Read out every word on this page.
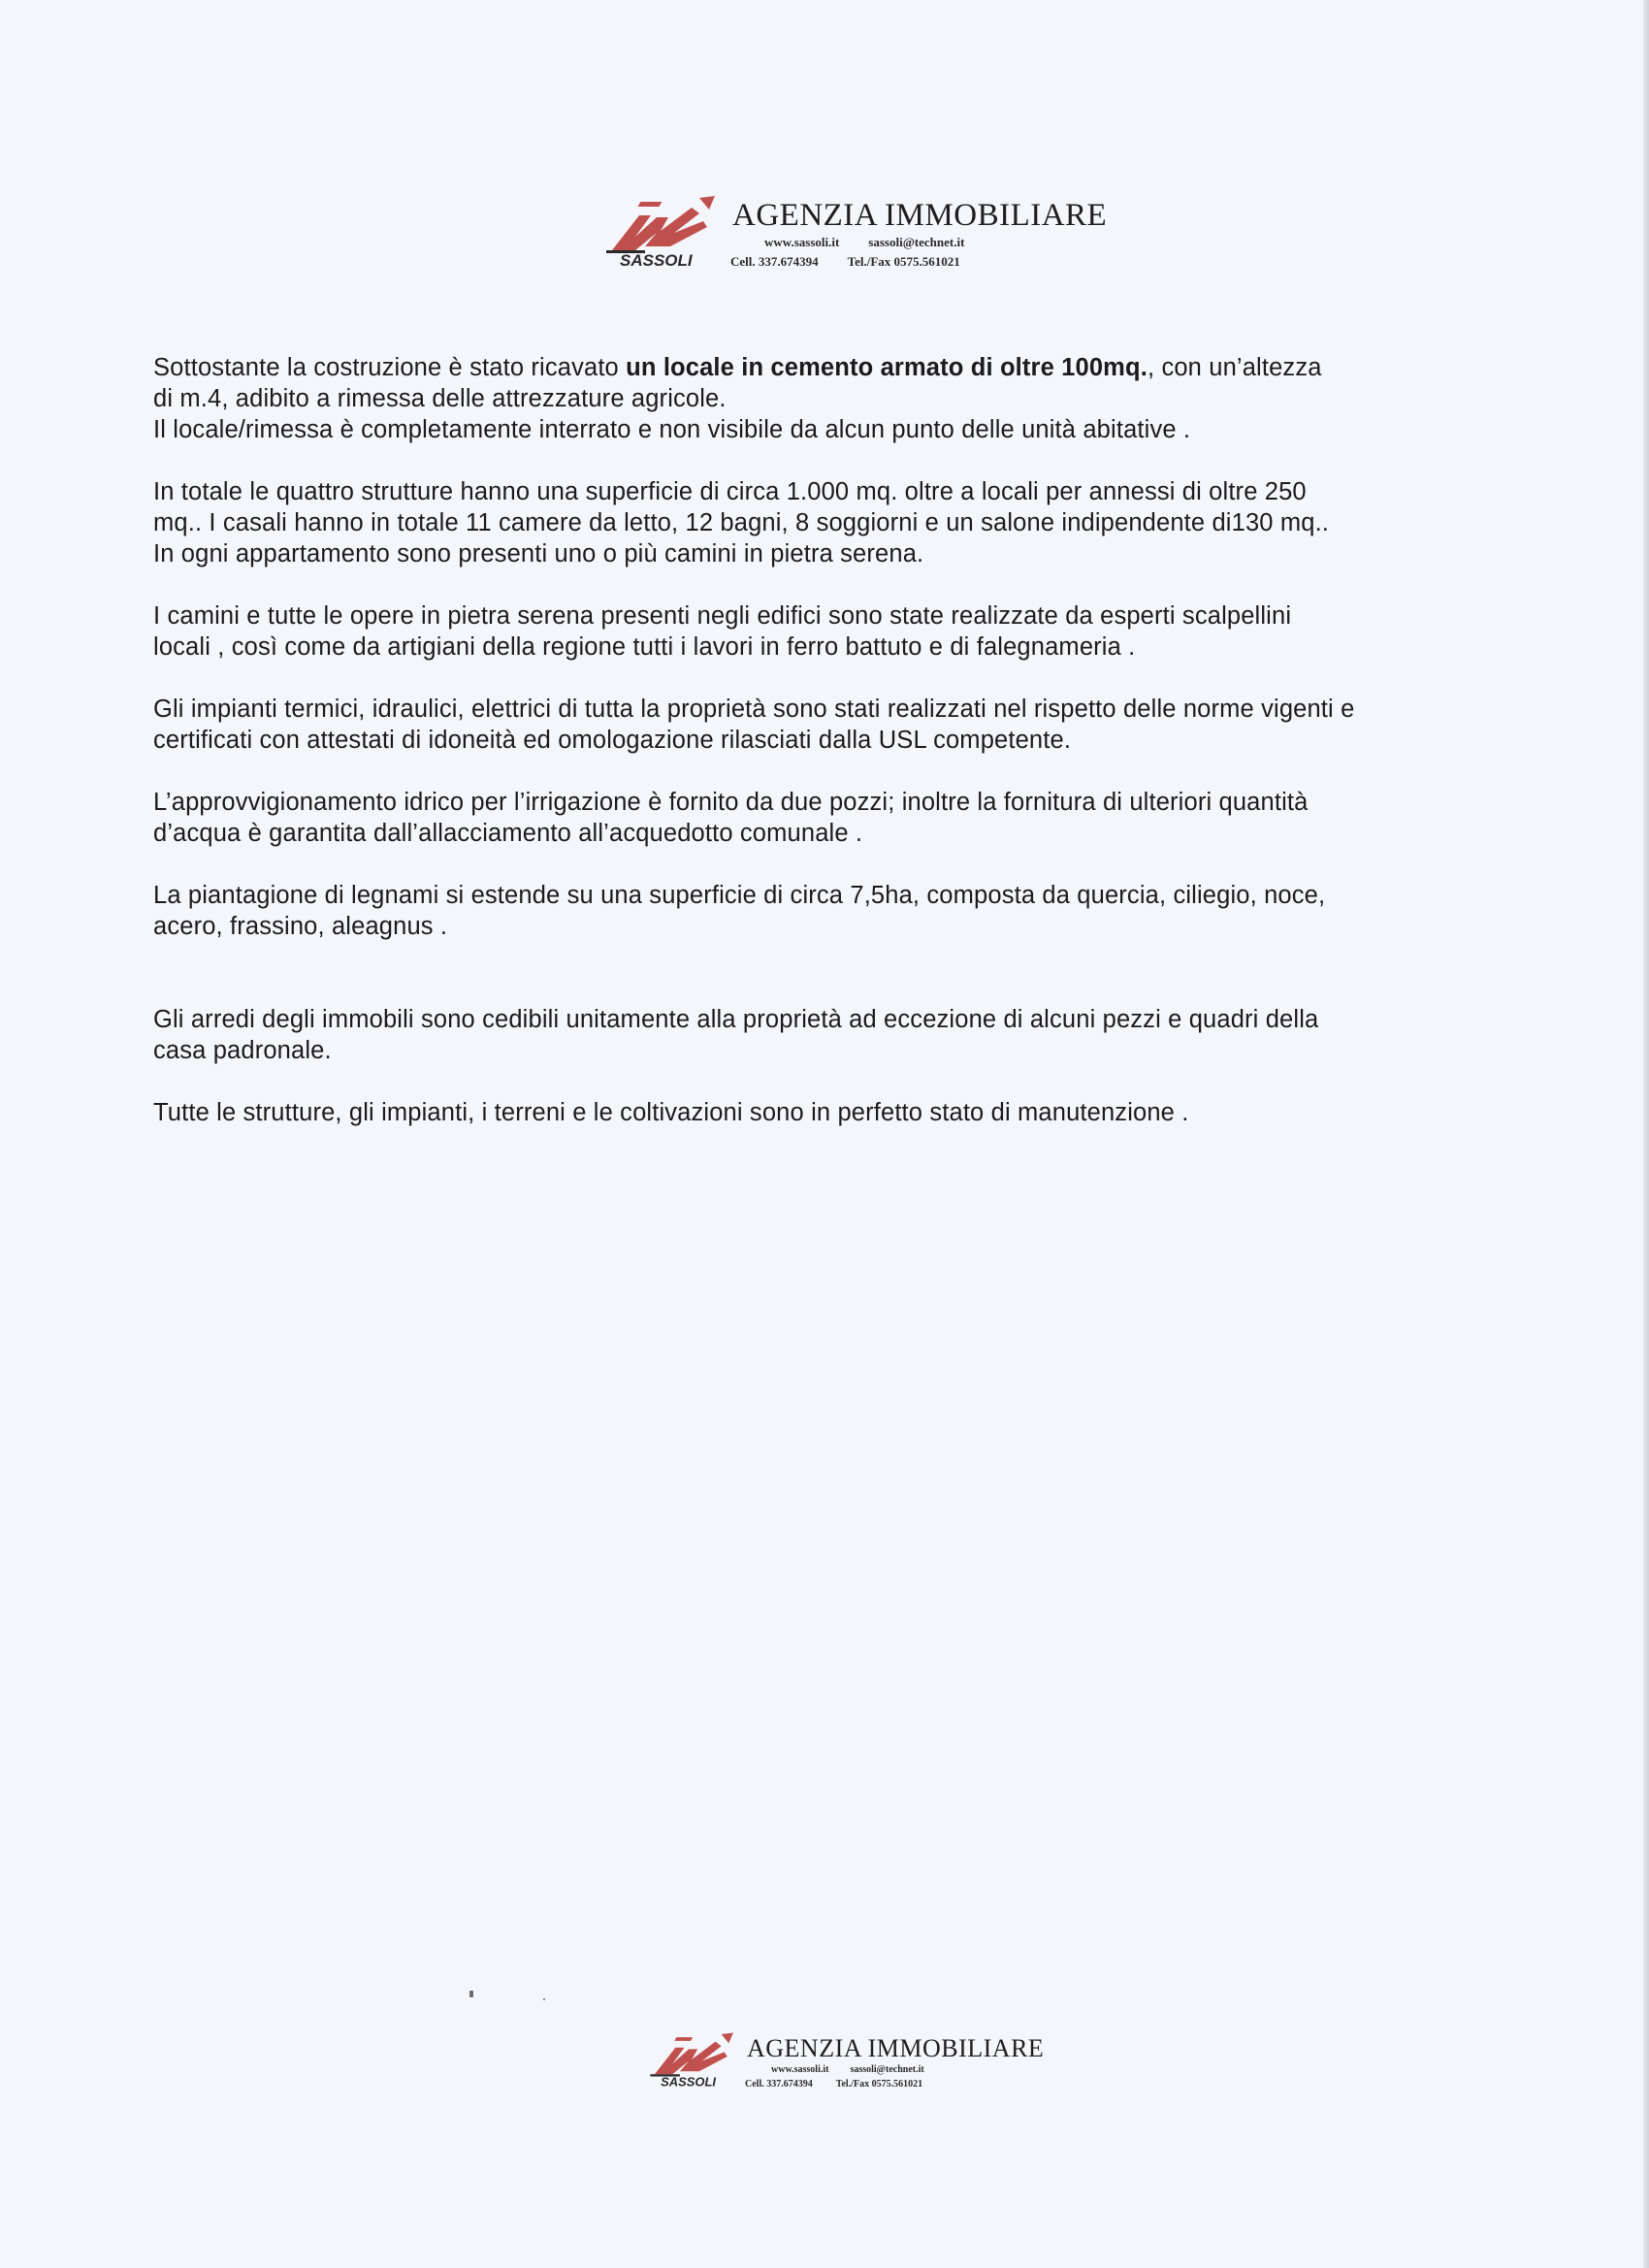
SASSOLI
AGENZIA IMMOBILIARE
www.sassoli.it sassoli@technet.it
Cell. 337.674394 Tel./Fax 0575.561021

Sottostante la costruzione è stato ricavato un locale in cemento armato di oltre 100mq., con un’altezza

di m.4, adibito a rimessa delle attrezzature agricole.

Il locale/rimessa è completamente interrato e non visibile da alcun punto delle unità abitative .

In totale le quattro strutture hanno una superficie di circa 1.000 mq. oltre a locali per annessi di oltre 250

mq.. I casali hanno in totale 11 camere da letto, 12 bagni, 8 soggiorni e un salone indipendente di130 mq..

In ogni appartamento sono presenti uno o più camini in pietra serena.

I camini e tutte le opere in pietra serena presenti negli edifici sono state realizzate da esperti scalpellini

locali , così come da artigiani della regione tutti i lavori in ferro battuto e di falegnameria .

Gli impianti termici, idraulici, elettrici di tutta la proprietà sono stati realizzati nel rispetto delle norme vigenti e

certificati con attestati di idoneità ed omologazione rilasciati dalla USL competente.

L’approvvigionamento idrico per l’irrigazione è fornito da due pozzi; inoltre la fornitura di ulteriori quantità

d’acqua è garantita dall’allacciamento all’acquedotto comunale .

La piantagione di legnami si estende su una superficie di circa 7,5ha, composta da quercia, ciliegio, noce,

acero, frassino, aleagnus .

Gli arredi degli immobili sono cedibili unitamente alla proprietà ad eccezione di alcuni pezzi e quadri della

casa padronale.

Tutte le strutture, gli impianti, i terreni e le coltivazioni sono in perfetto stato di manutenzione .

SASSOLI
AGENZIA IMMOBILIARE
www.sassoli.it sassoli@technet.it
Cell. 337.674394 Tel./Fax 0575.561021
